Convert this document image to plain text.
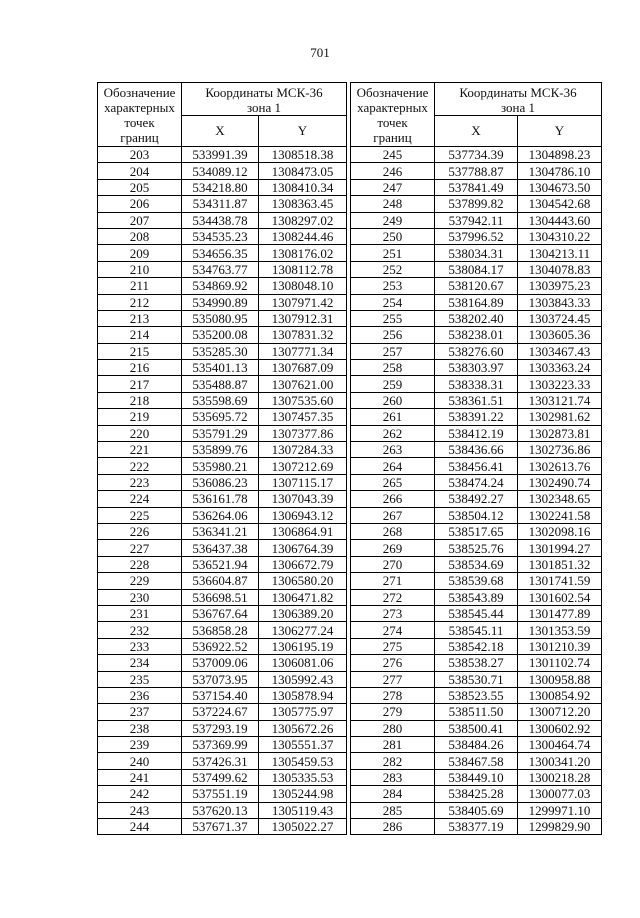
701
Обозначение
характерных
точек
границ	Координаты МСК-36
зона 1			Обозначение
характерных
точек
границ	Координаты МСК-36
зона 1	

	X	Y			X	Y
203	533991.39	1308518.38		245	537734.39	1304898.23
204	534089.12	1308473.05		246	537788.87	1304786.10
205	534218.80	1308410.34		247	537841.49	1304673.50
206	534311.87	1308363.45		248	537899.82	1304542.68
207	534438.78	1308297.02		249	537942.11	1304443.60
208	534535.23	1308244.46		250	537996.52	1304310.22
209	534656.35	1308176.02		251	538034.31	1304213.11
210	534763.77	1308112.78		252	538084.17	1304078.83
211	534869.92	1308048.10		253	538120.67	1303975.23
212	534990.89	1307971.42		254	538164.89	1303843.33
213	535080.95	1307912.31		255	538202.40	1303724.45
214	535200.08	1307831.32		256	538238.01	1303605.36
215	535285.30	1307771.34		257	538276.60	1303467.43
216	535401.13	1307687.09		258	538303.97	1303363.24
217	535488.87	1307621.00		259	538338.31	1303223.33
218	535598.69	1307535.60		260	538361.51	1303121.74
219	535695.72	1307457.35		261	538391.22	1302981.62
220	535791.29	1307377.86		262	538412.19	1302873.81
221	535899.76	1307284.33		263	538436.66	1302736.86
222	535980.21	1307212.69		264	538456.41	1302613.76
223	536086.23	1307115.17		265	538474.24	1302490.74
224	536161.78	1307043.39		266	538492.27	1302348.65
225	536264.06	1306943.12		267	538504.12	1302241.58
226	536341.21	1306864.91		268	538517.65	1302098.16
227	536437.38	1306764.39		269	538525.76	1301994.27
228	536521.94	1306672.79		270	538534.69	1301851.32
229	536604.87	1306580.20		271	538539.68	1301741.59
230	536698.51	1306471.82		272	538543.89	1301602.54
231	536767.64	1306389.20		273	538545.44	1301477.89
232	536858.28	1306277.24		274	538545.11	1301353.59
233	536922.52	1306195.19		275	538542.18	1301210.39
234	537009.06	1306081.06		276	538538.27	1301102.74
235	537073.95	1305992.43		277	538530.71	1300958.88
236	537154.40	1305878.94		278	538523.55	1300854.92
237	537224.67	1305775.97		279	538511.50	1300712.20
238	537293.19	1305672.26		280	538500.41	1300602.92
239	537369.99	1305551.37		281	538484.26	1300464.74
240	537426.31	1305459.53		282	538467.58	1300341.20
241	537499.62	1305335.53		283	538449.10	1300218.28
242	537551.19	1305244.98		284	538425.28	1300077.03
243	537620.13	1305119.43		285	538405.69	1299971.10
244	537671.37	1305022.27		286	538377.19	1299829.90
